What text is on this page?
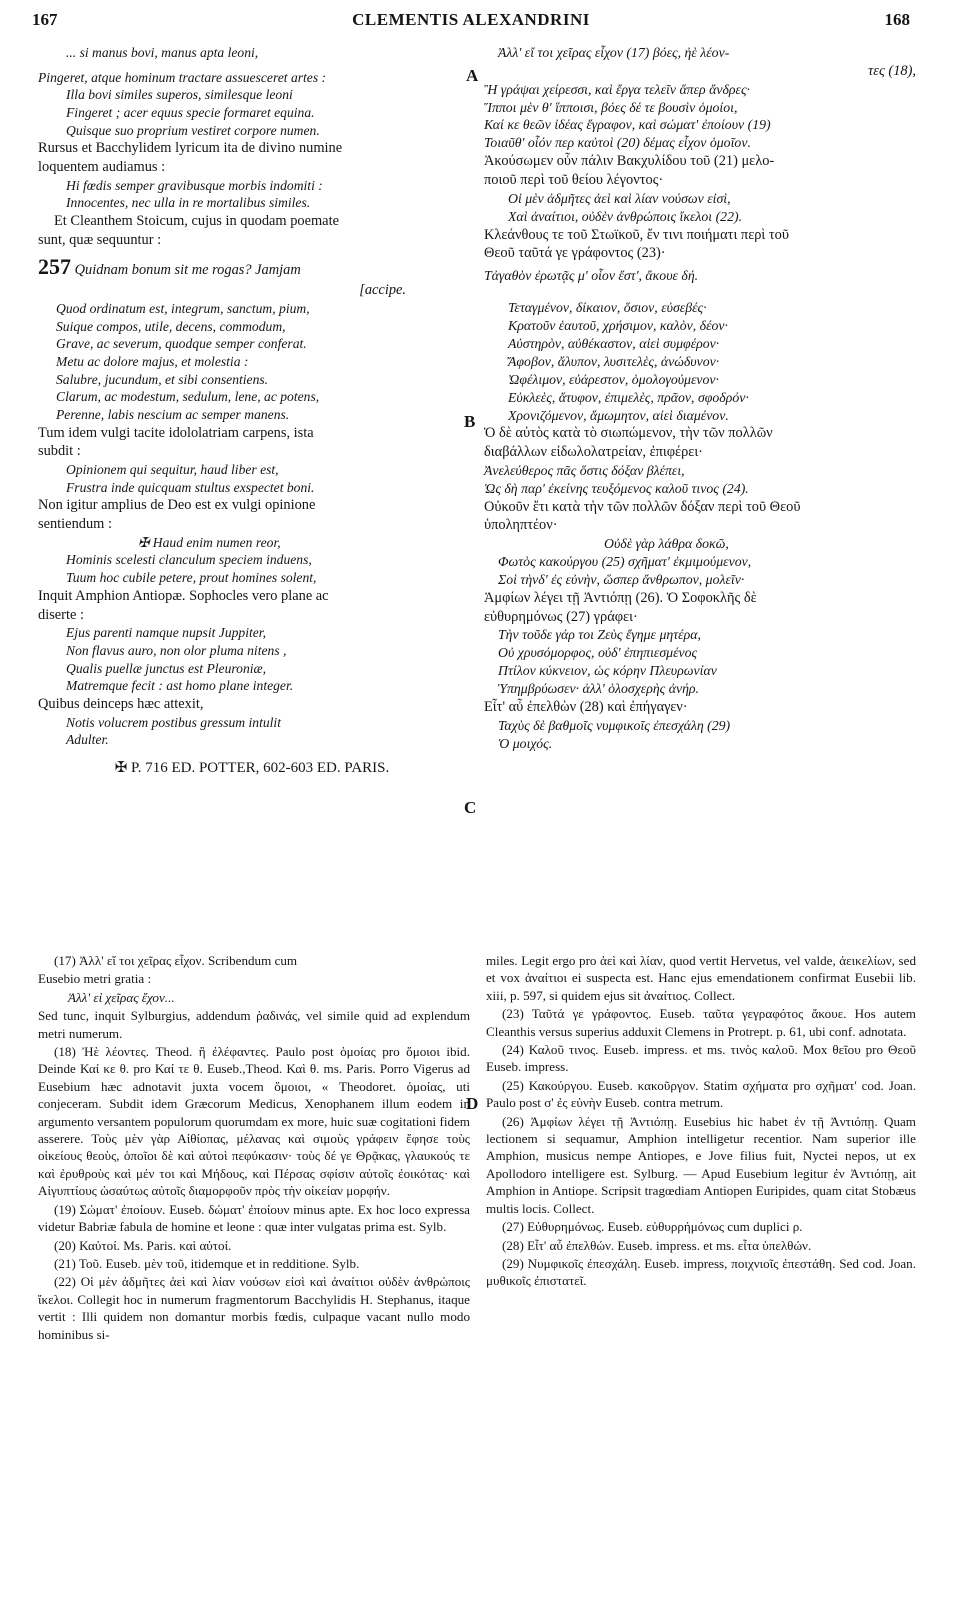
167	CLEMENTIS ALEXANDRINI	168
A
B
C
D

... si manus bovi, manus apta leoni,

Pingeret, atque hominum tractare assuesceret artes :

Illa bovi similes superos, similesque leoni

Fingeret ; acer equus specie formaret equina.

Quisque suo proprium vestiret corpore numen.

Rursus et Bacchylidem lyricum ita de divino numine

loquentem audiamus :

Hi fœdis semper gravibusque morbis indomiti :

Innocentes, nec ulla in re mortalibus similes.

Et Cleanthem Stoicum, cujus in quodam poemate

sunt, quæ sequuntur :

257 Quidnam bonum sit me rogas? Jamjam

[accipe.

Quod ordinatum est, integrum, sanctum, pium,

Suique compos, utile, decens, commodum,

Grave, ac severum, quodque semper conferat.

Metu ac dolore majus, et molestia :

Salubre, jucundum, et sibi consentiens.

Clarum, ac modestum, sedulum, lene, ac potens,

Perenne, labis nescium ac semper manens.

Tum idem vulgi tacite idololatriam carpens, ista

subdit :

Opinionem qui sequitur, haud liber est,

Frustra inde quicquam stultus exspectet boni.

Non igitur amplius de Deo est ex vulgi opinione

sentiendum :

✠ Haud enim numen reor,

Hominis scelesti clanculum speciem induens,

Tuum hoc cubile petere, prout homines solent,

Inquit Amphion Antiopæ. Sophocles vero plane ac

diserte :

Ejus parenti namque nupsit Juppiter,

Non flavus auro, non olor pluma nitens ,

Qualis puellæ junctus est Pleuroniæ,

Matremque fecit : ast homo plane integer.

Quibus deinceps hæc attexit,

Notis volucrem postibus gressum intulit

Adulter.

✠ P. 716 ED. POTTER, 602-603 ED. PARIS.

Ἀλλ' εἴ τοι χεῖρας εἶχον (17) βόες, ἠὲ λέον-

τες (18),

Ἢ γράψαι χείρεσσι, καὶ ἔργα τελεῖν ἅπερ ἄνδρες·

Ἵπποι μὲν θ' ἵπποισι, βόες δέ τε βουσὶν ὁμοίοι,

Καί κε θεῶν ἰδέας ἔγραφον, καὶ σώματ' ἐποίουν (19)

Τοιαῦθ' οἷόν περ καὐτοὶ (20) δέμας εἶχον ὁμοῖον.

Ἀκούσωμεν οὖν πάλιν Βακχυλίδου τοῦ (21) μελο-

ποιοῦ περὶ τοῦ θείου λέγοντος·

Οἱ μὲν ἀδμῆτες ἀεὶ καὶ λίαν νούσων εἰσὶ,

Χαὶ ἀναίτιοι, οὐδὲν ἀνθρώποις ἴκελοι (22).

Κλεάνθους τε τοῦ Στωϊκοῦ, ἔν τινι ποιήματι περὶ τοῦ

Θεοῦ ταῦτά γε γράφοντος (23)·

Τἀγαθὸν ἐρωτᾷς μ' οἷον ἔστ', ἄκουε δή.

Τεταγμένον, δίκαιον, ὅσιον, εὐσεβές·

Κρατοῦν ἑαυτοῦ, χρήσιμον, καλὸν, δέον·

Αὐστηρὸν, αὐθέκαστον, αἰεὶ συμφέρον·

Ἄφοβον, ἄλυπον, λυσιτελὲς, ἀνώδυνον·

Ὠφέλιμον, εὐάρεστον, ὁμολογούμενον·

Εὐκλεὲς, ἄτυφον, ἐπιμελὲς, πρᾶον, σφοδρόν·

Χρονιζόμενον, ἄμωμητον, αἰεὶ διαμένον.

Ὁ δὲ αὐτὸς κατὰ τὸ σιωπώμενον, τὴν τῶν πολλῶν

διαβάλλων εἰδωλολατρείαν, ἐπιφέρει·

Ἀνελεύθερος πᾶς ὅστις δόξαν βλέπει,

Ὡς δὴ παρ' ἐκείνης τευξόμενος καλοῦ τινος (24).

Οὐκοῦν ἔτι κατὰ τὴν τῶν πολλῶν δόξαν περὶ τοῦ Θεοῦ

ὑποληπτέον·

Οὐδὲ γὰρ λάθρα δοκῶ,

Φωτὸς κακούργου (25) σχῆματ' ἐκμιμούμενον,

Σοὶ τὴνδ' ἐς εὐνὴν, ὥσπερ ἄνθρωπον, μολεῖν·

Ἀμφίων λέγει τῇ Ἀντιόπῃ (26). Ὁ Σοφοκλῆς δὲ

εὐθυρημόνως (27) γράφει·

Τὴν τοῦδε γάρ τοι Ζεὺς ἔγημε μητέρα,

Οὐ χρυσόμορφος, οὐδ' ἐπηπιεσμένος

Πτίλον κύκνειον, ὡς κόρην Πλευρωνίαν

Ὑπημβρύωσεν· ἀλλ' ὁλοσχερὴς ἀνήρ.

Εἶτ' αὖ ἐπελθὼν (28) καὶ ἐπήγαγεν·

Ταχὺς δὲ βαθμοῖς νυμφικοῖς ἐπεσχάλη (29)

Ὁ μοιχός.

(17) Ἀλλ' εἴ τοι χεῖρας εἶχον. Scribendum cum

Eusebio metri gratia :

Ἀλλ' εἰ χεῖρας ἔχον...

Sed tunc, inquit Sylburgius, addendum ῥαδινάς, vel simile quid ad explendum metri numerum.

(18) Ἠὲ λέοντες. Theod. ἢ ἐλέφαντες. Paulo post ὁμοίας pro ὅμοιοι ibid. Deinde Καί κε θ. pro Καί τε θ. Euseb.,Theod. Καὶ θ. ms. Paris. Porro Vigerus ad Eusebium hæc adnotavit juxta vocem ὅμοιοι, « Theodoret. ὁμοίας, uti conjeceram. Subdit idem Græcorum Medicus, Xenophanem illum eodem in argumento versantem populorum quorumdam ex more, huic suæ cogitationi fidem asserere. Τοὺς μὲν γὰρ Αἰθίοπας, μέλανας καὶ σιμοὺς γράφειν ἔφησε τοὺς οἰκείους θεοὺς, ὁποῖοι δὲ καὶ αὐτοὶ πεφύκασιν· τοὺς δέ γε Θρᾷκας, γλαυκούς τε καὶ ἐρυθροὺς καὶ μέν τοι καὶ Μήδους, καὶ Πέρσας σφίσιν αὐτοῖς ἐοικότας· καὶ Αἰγυπτίους ὡσαύτως αὐτοῖς διαμορφοῦν πρὸς τὴν οἰκείαν μορφήν.

(19) Σώματ' ἐποίουν. Euseb. δώματ' ἐποίουν minus apte. Ex hoc loco expressa videtur Babriæ fabula de homine et leone : quæ inter vulgatas prima est. Sylb.

(20) Καὐτοί. Ms. Paris. καὶ αὐτοί.

(21) Τοῦ. Euseb. μὲν τοῦ, itidemque et in redditione. Sylb.

(22) Οἱ μὲν ἀδμῆτες ἀεὶ καὶ λίαν νούσων εἰσὶ καὶ ἀναίτιοι οὐδὲν ἀνθρώποις ἴκελοι. Collegit hoc in numerum fragmentorum Bacchylidis H. Stephanus, itaque vertit : Illi quidem non domantur morbis fœdis, culpaque vacant nullo modo hominibus si-

miles. Legit ergo pro ἀεὶ καὶ λίαν, quod vertit Hervetus, vel valde, ἀεικελίων, sed et vox ἀναίτιοι ei suspecta est. Hanc ejus emendationem confirmat Eusebii lib. xiii, p. 597, si quidem ejus sit ἀναίτιος. Collect.

(23) Ταῦτά γε γράφοντος. Euseb. ταῦτα γεγραφότος ἄκουε. Hos autem Cleanthis versus superius adduxit Clemens in Protrept. p. 61, ubi conf. adnotata.

(24) Καλοῦ τινος. Euseb. impress. et ms. τινὸς καλοῦ. Mox θεῖου pro Θεοῦ Euseb. impress.

(25) Κακούργου. Euseb. κακοῦργον. Statim σχήματα pro σχῆματ' cod. Joan. Paulo post σ' ἐς εὐνὴν Euseb. contra metrum.

(26) Ἀμφίων λέγει τῇ Ἀντιόπῃ. Eusebius hic habet ἐν τῇ Ἀντιόπῃ. Quam lectionem si sequamur, Amphion intelligetur recentior. Nam superior ille Amphion, musicus nempe Antiopes, e Jove filius fuit, Nyctei nepos, ut ex Apollodoro intelligere est. Sylburg. — Apud Eusebium legitur ἐν Ἀντιόπῃ, ait Amphion in Antiope. Scripsit tragœdiam Antiopen Euripides, quam citat Stobæus multis locis. Collect.

(27) Εὐθυρημόνως. Euseb. εὐθυρρήμόνως cum duplici ρ.

(28) Εἶτ' αὖ ἐπελθών. Euseb. impress. et ms. εἶτα ὑπελθών.

(29) Νυμφικοῖς ἐπεσχάλη. Euseb. impress, ποιχνιοῖς ἐπεστάθη. Sed cod. Joan. μυθικοῖς ἐπιστατεῖ.
